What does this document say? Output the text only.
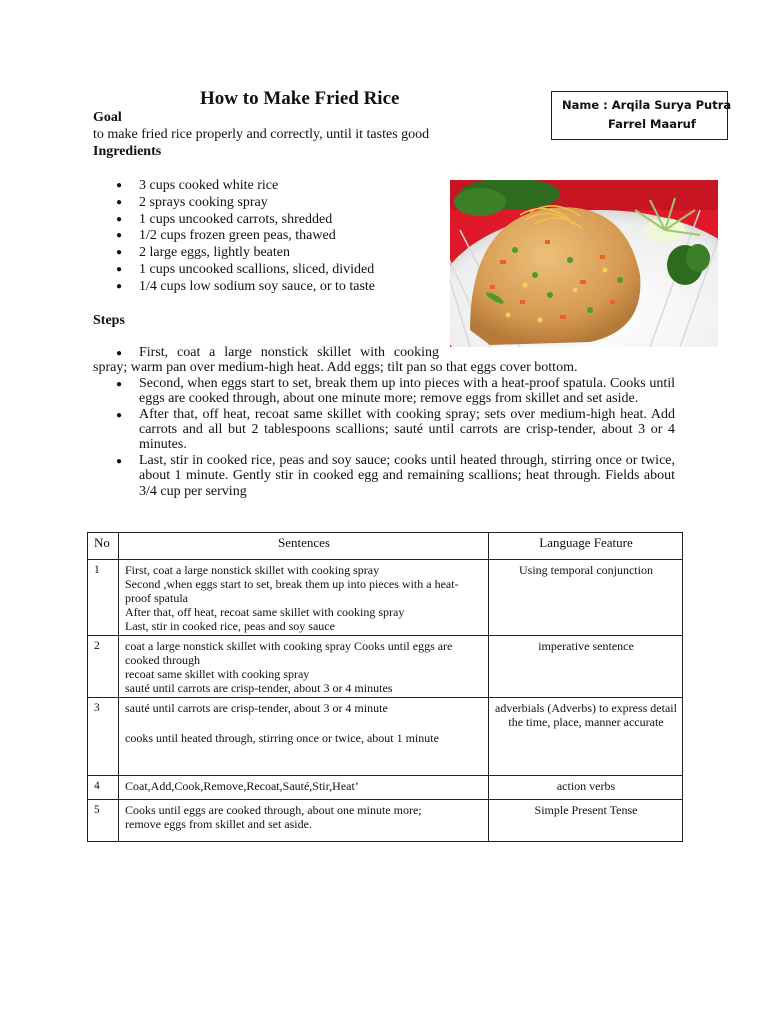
How to Make Fried Rice	Name : Arqila Surya Putra
Farrel Maaruf
Goal
to make fried rice properly and correctly, until it tastes good
Ingredients
● 3 cups cooked white rice
● 2 sprays cooking spray
● 1 cups uncooked carrots, shredded
● 1/2 cups frozen green peas, thawed
● 2 large eggs, lightly beaten
● 1 cups uncooked scallions, sliced, divided
● 1/4 cups low sodium soy sauce, or to taste
Steps
● First, coat a large nonstick skillet with cooking
spray; warm pan over medium-high heat. Add eggs; tilt pan so that eggs cover bottom.
● Second, when eggs start to set, break them up into pieces with a heat-proof spatula. Cooks until eggs are cooked through, about one minute more; remove eggs from skillet and set aside.
● After that, off heat, recoat same skillet with cooking spray; sets over medium-high heat. Add carrots and all but 2 tablespoons scallions; sauté until carrots are crisp-tender, about 3 or 4 minutes.
● Last, stir in cooked rice, peas and soy sauce; cooks until heated through, stirring once or twice, about 1 minute. Gently stir in cooked egg and remaining scallions; heat through. Fields about 3/4 cup per serving
No	Sentences	Language Feature
1	First, coat a large nonstick skillet with cooking spray
Second ,when eggs start to set, break them up into pieces with a heat-proof spatula
After that, off heat, recoat same skillet with cooking spray
Last, stir in cooked rice, peas and soy sauce	Using temporal conjunction
2	coat a large nonstick skillet with cooking spray Cooks until eggs are cooked through
recoat same skillet with cooking spray
sauté until carrots are crisp-tender, about 3 or 4 minutes	imperative sentence
3	sauté until carrots are crisp-tender, about 3 or 4 minute
cooks until heated through, stirring once or twice, about 1 minute	adverbials (Adverbs) to express detail the time, place, manner accurate
4	Coat,Add,Cook,Remove,Recoat,Sauté,Stir,Heat’	action verbs
5	Cooks until eggs are cooked through, about one minute more;
remove eggs from skillet and set aside.	Simple Present Tense
